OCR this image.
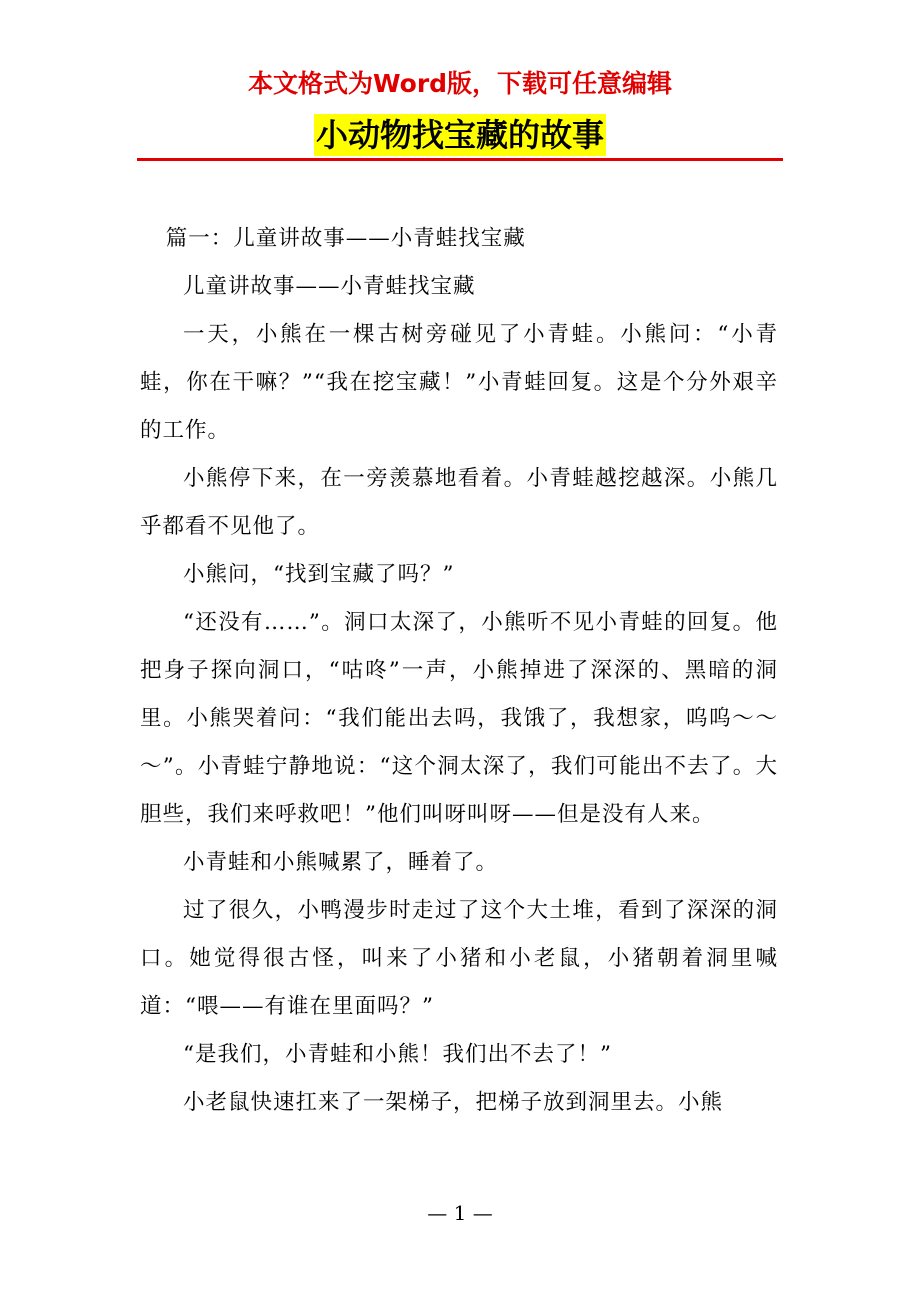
本文格式为Word版，下载可任意编辑
小动物找宝藏的故事

篇一：儿童讲故事——小青蛙找宝藏

儿童讲故事——小青蛙找宝藏

一天，小熊在一棵古树旁碰见了小青蛙。小熊问：“小青蛙，你在干嘛？”“我在挖宝藏！”小青蛙回复。这是个分外艰辛的工作。

小熊停下来，在一旁羡慕地看着。小青蛙越挖越深。小熊几乎都看不见他了。

小熊问，“找到宝藏了吗？”

“还没有……”。洞口太深了，小熊听不见小青蛙的回复。他把身子探向洞口，“咕咚”一声，小熊掉进了深深的、黑暗的洞里。小熊哭着问：“我们能出去吗，我饿了，我想家，呜呜～～～”。小青蛙宁静地说：“这个洞太深了，我们可能出不去了。大胆些，我们来呼救吧！”他们叫呀叫呀——但是没有人来。

小青蛙和小熊喊累了，睡着了。

过了很久，小鸭漫步时走过了这个大土堆，看到了深深的洞口。她觉得很古怪，叫来了小猪和小老鼠，小猪朝着洞里喊道：“喂——有谁在里面吗？”

“是我们，小青蛙和小熊！我们出不去了！”

小老鼠快速扛来了一架梯子，把梯子放到洞里去。小熊

— 1 —
